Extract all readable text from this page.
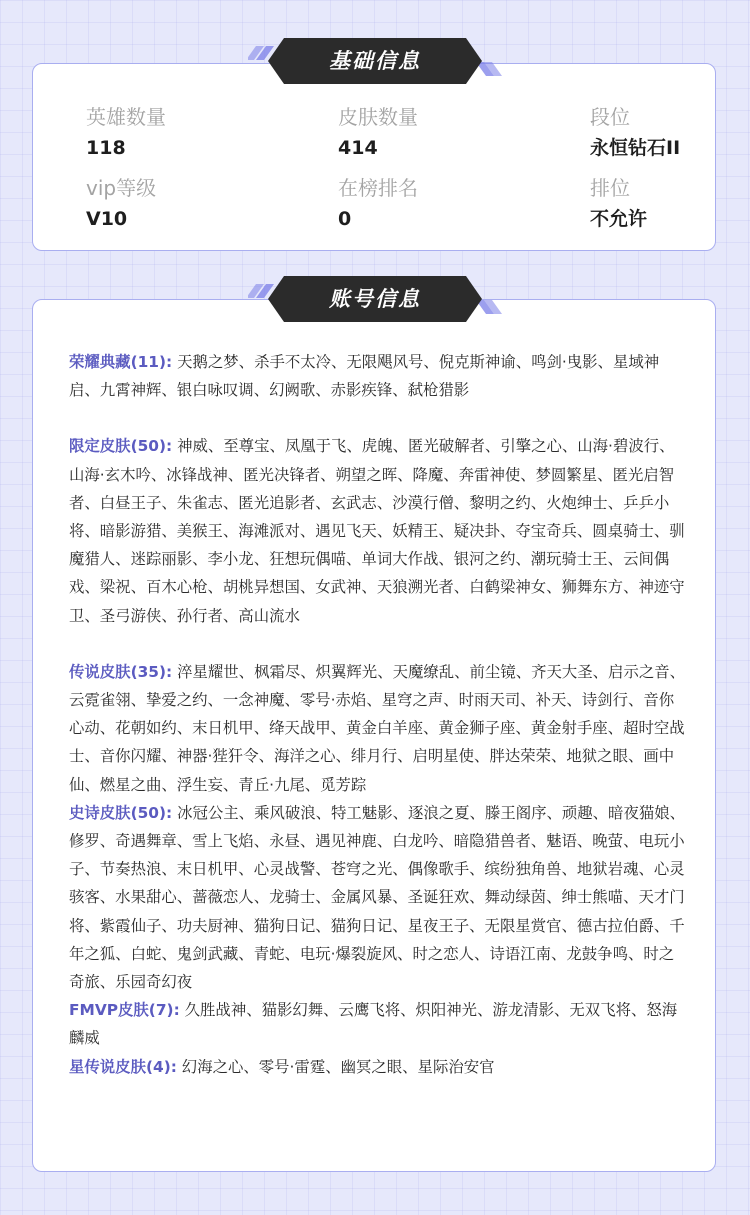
英雄数量
118
皮肤数量
414
段位
永恒钻石II
vip等级
V10
在榜排名
0
排位
不允许
基础信息

荣耀典藏(11): 天鹅之梦、杀手不太冷、无限飓风号、倪克斯神谕、鸣剑·曳影、星域神启、九霄神辉、银白咏叹调、幻阙歌、赤影疾锋、弑枪猎影

限定皮肤(50): 神威、至尊宝、凤凰于飞、虎魄、匿光破解者、引擎之心、山海·碧波行、山海·玄木吟、冰锋战神、匿光决锋者、朔望之晖、降魔、奔雷神使、梦圆繁星、匿光启智者、白昼王子、朱雀志、匿光追影者、玄武志、沙漠行僧、黎明之约、火炮绅士、乒乒小将、暗影游猎、美猴王、海滩派对、遇见飞天、妖精王、疑决卦、夺宝奇兵、圆桌骑士、驯魔猎人、迷踪丽影、李小龙、狂想玩偶喵、单词大作战、银河之约、潮玩骑士王、云间偶戏、梁祝、百木心枪、胡桃异想国、女武神、天狼溯光者、白鹤梁神女、狮舞东方、神迹守卫、圣弓游侠、孙行者、高山流水

传说皮肤(35): 淬星耀世、枫霜尽、炽翼辉光、天魔缭乱、前尘镜、齐天大圣、启示之音、云霓雀翎、挚爱之约、一念神魔、零号·赤焰、星穹之声、时雨天司、补天、诗剑行、音你心动、花朝如约、末日机甲、绛天战甲、黄金白羊座、黄金狮子座、黄金射手座、超时空战士、音你闪耀、神器·狴犴令、海洋之心、绯月行、启明星使、胖达荣荣、地狱之眼、画中仙、燃星之曲、浮生妄、青丘·九尾、觅芳踪

史诗皮肤(50): 冰冠公主、乘风破浪、特工魅影、逐浪之夏、滕王阁序、顽趣、暗夜猫娘、修罗、奇遇舞章、雪上飞焰、永昼、遇见神鹿、白龙吟、暗隐猎兽者、魅语、晚萤、电玩小子、节奏热浪、末日机甲、心灵战警、苍穹之光、偶像歌手、缤纷独角兽、地狱岩魂、心灵骇客、水果甜心、蔷薇恋人、龙骑士、金属风暴、圣诞狂欢、舞动绿茵、绅士熊喵、天才门将、紫霞仙子、功夫厨神、猫狗日记、猫狗日记、星夜王子、无限星赏官、德古拉伯爵、千年之狐、白蛇、鬼剑武藏、青蛇、电玩·爆裂旋风、时之恋人、诗语江南、龙鼓争鸣、时之奇旅、乐园奇幻夜

FMVP皮肤(7): 久胜战神、猫影幻舞、云鹰飞将、炽阳神光、游龙清影、无双飞将、怒海麟威

星传说皮肤(4): 幻海之心、零号·雷霆、幽冥之眼、星际治安官

账号信息
